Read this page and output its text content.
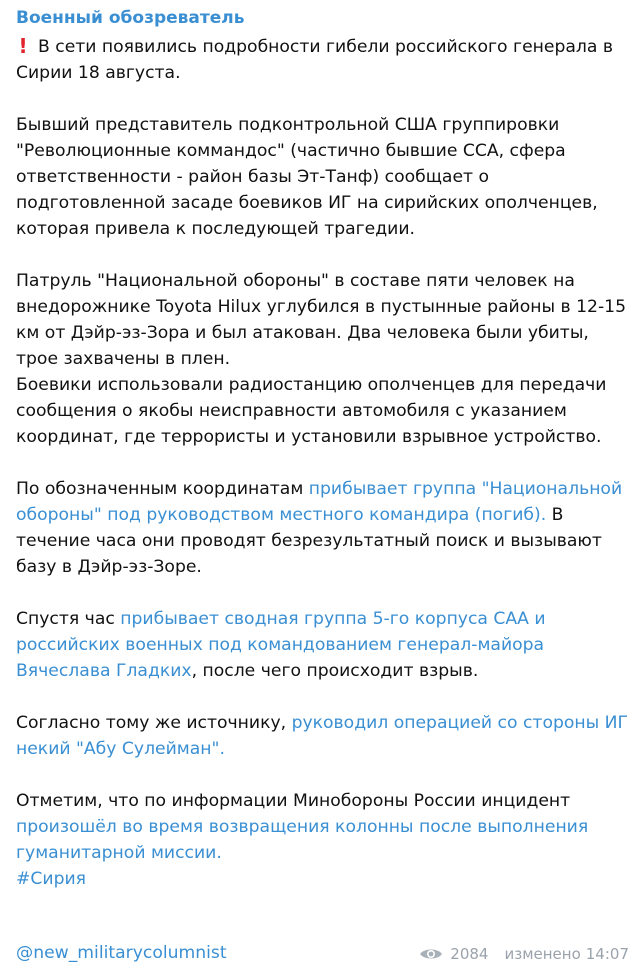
Военный обозреватель

! В сети появились подробности гибели российского генерала в Сирии 18 августа.

Бывший представитель подконтрольной США группировки "Революционные коммандос" (частично бывшие ССА, сфера ответственности - район базы Эт-Танф) сообщает о подготовленной засаде боевиков ИГ на сирийских ополченцев, которая привела к последующей трагедии.

Патруль "Национальной обороны" в составе пяти человек на внедорожнике Toyota Hilux углубился в пустынные районы в 12-15 км от Дэйр-эз-Зора и был атакован. Два человека были убиты, трое захвачены в плен.
Боевики использовали радиостанцию ополченцев для передачи сообщения о якобы неисправности автомобиля с указанием координат, где террористы и установили взрывное устройство.

По обозначенным координатам прибывает группа "Национальной обороны" под руководством местного командира (погиб). В течение часа они проводят безрезультатный поиск и вызывают базу в Дэйр-эз-Зоре.

Спустя час прибывает сводная группа 5-го корпуса САА и российских военных под командованием генерал-майора Вячеслава Гладких, после чего происходит взрыв.

Согласно тому же источнику, руководил операцией со стороны ИГ некий "Абу Сулейман".

Отметим, что по информации Минобороны России инцидент произошёл во время возвращения колонны после выполнения гуманитарной миссии.
#Сирия

@new_militarycolumnist	2084 изменено 14:07
